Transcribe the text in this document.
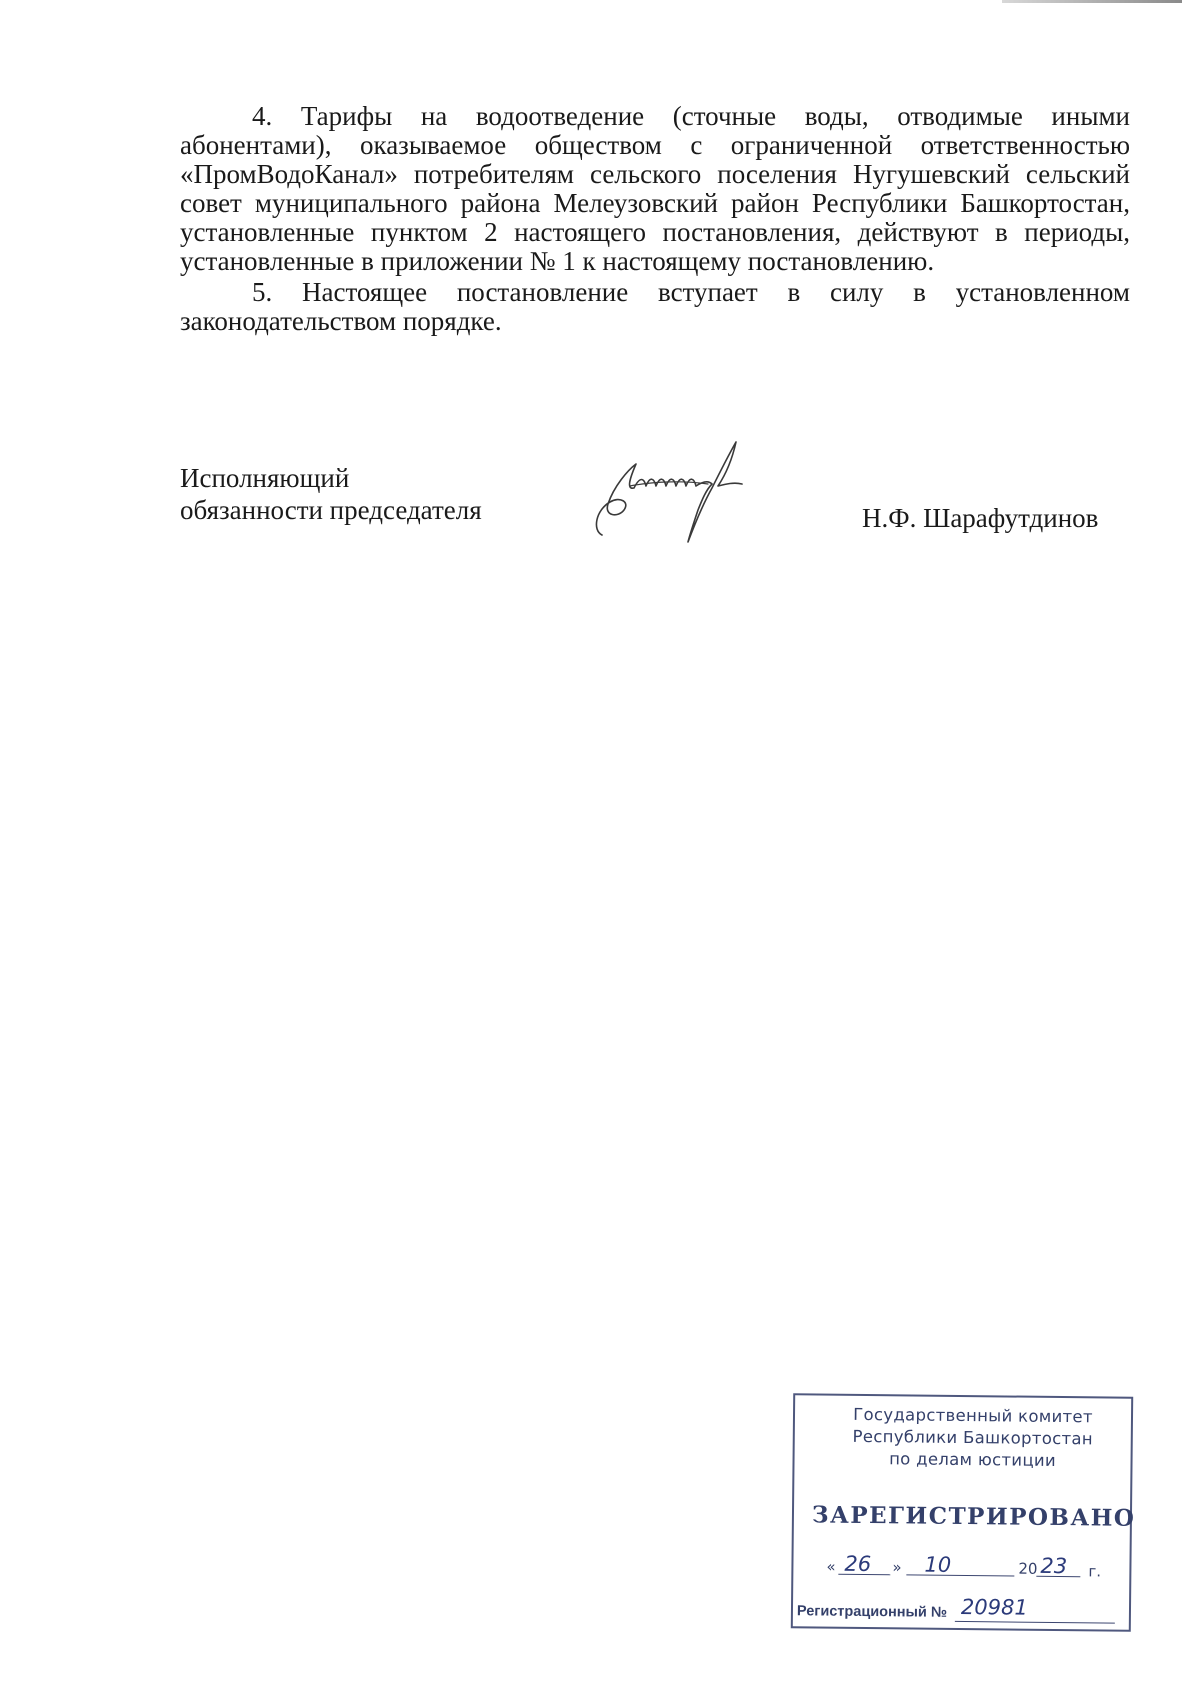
4. Тарифы на водоотведение (сточные воды, отводимые иными абонентами), оказываемое обществом с ограниченной ответственностью «ПромВодоКанал» потребителям сельского поселения Нугушевский сельский совет муниципального района Мелеузовский район Республики Башкортостан, установленные пунктом 2 настоящего постановления, действуют в периоды, установленные в приложении № 1 к настоящему постановлению.

5. Настоящее постановление вступает в силу в установленном законодательством порядке.

Исполняющий
обязанности председателя	Н.Ф. Шарафутдинов
Государственный комитет
Республики Башкортостан
по делам юстиции
ЗАРЕГИСТРИРОВАНО
« 26 » 10	20 23 г.
Регистрационный № 20981
